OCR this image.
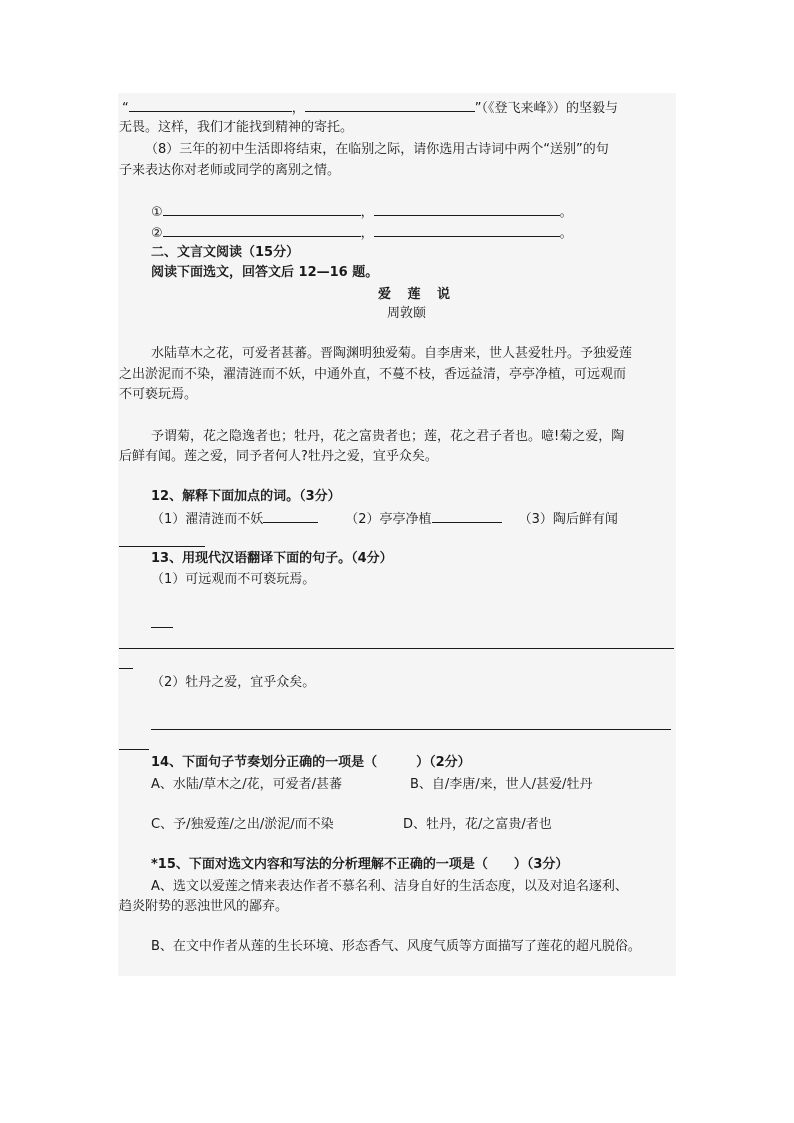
“	，	”（《登飞来峰》）的坚毅与
无畏。这样，我们才能找到精神的寄托。
（8）三年的初中生活即将结束，在临别之际，请你选用古诗词中两个“送别”的句
子来表达你对老师或同学的离别之情。
①	，	。
②	，	。
二、文言文阅读（15分）
阅读下面选文，回答文后 12—16 题。
爱 莲 说
周敦颐
水陆草木之花，可爱者甚蕃。晋陶渊明独爱菊。自李唐来，世人甚爱牡丹。予独爱莲
之出淤泥而不染，濯清涟而不妖，中通外直，不蔓不枝，香远益清，亭亭净植，可远观而
不可亵玩焉。
予谓菊，花之隐逸者也；牡丹，花之富贵者也；莲，花之君子者也。噫!菊之爱，陶
后鲜有闻。莲之爱，同予者何人?牡丹之爱，宜乎众矣。
12、解释下面加点的词。（3分）
（1）濯清涟而不妖	（2）亭亭净植	（3）陶后鲜有闻
13、用现代汉语翻译下面的句子。（4分）
（1）可远观而不可亵玩焉。
（2）牡丹之爱，宜乎众矣。
14、下面句子节奏划分正确的一项是（　　　）（2分）
A、水陆/草木之/花，可爱者/甚蕃	B、自/李唐/来，世人/甚爱/牡丹
C、予/独爱莲/之出/淤泥/而不染	D、牡丹，花/之富贵/者也
*15、下面对选文内容和写法的分析理解不正确的一项是（　　）（3分）
A、选文以爱莲之情来表达作者不慕名利、洁身自好的生活态度，以及对追名逐利、
趋炎附势的恶浊世风的鄙弃。
B、在文中作者从莲的生长环境、形态香气、风度气质等方面描写了莲花的超凡脱俗。
